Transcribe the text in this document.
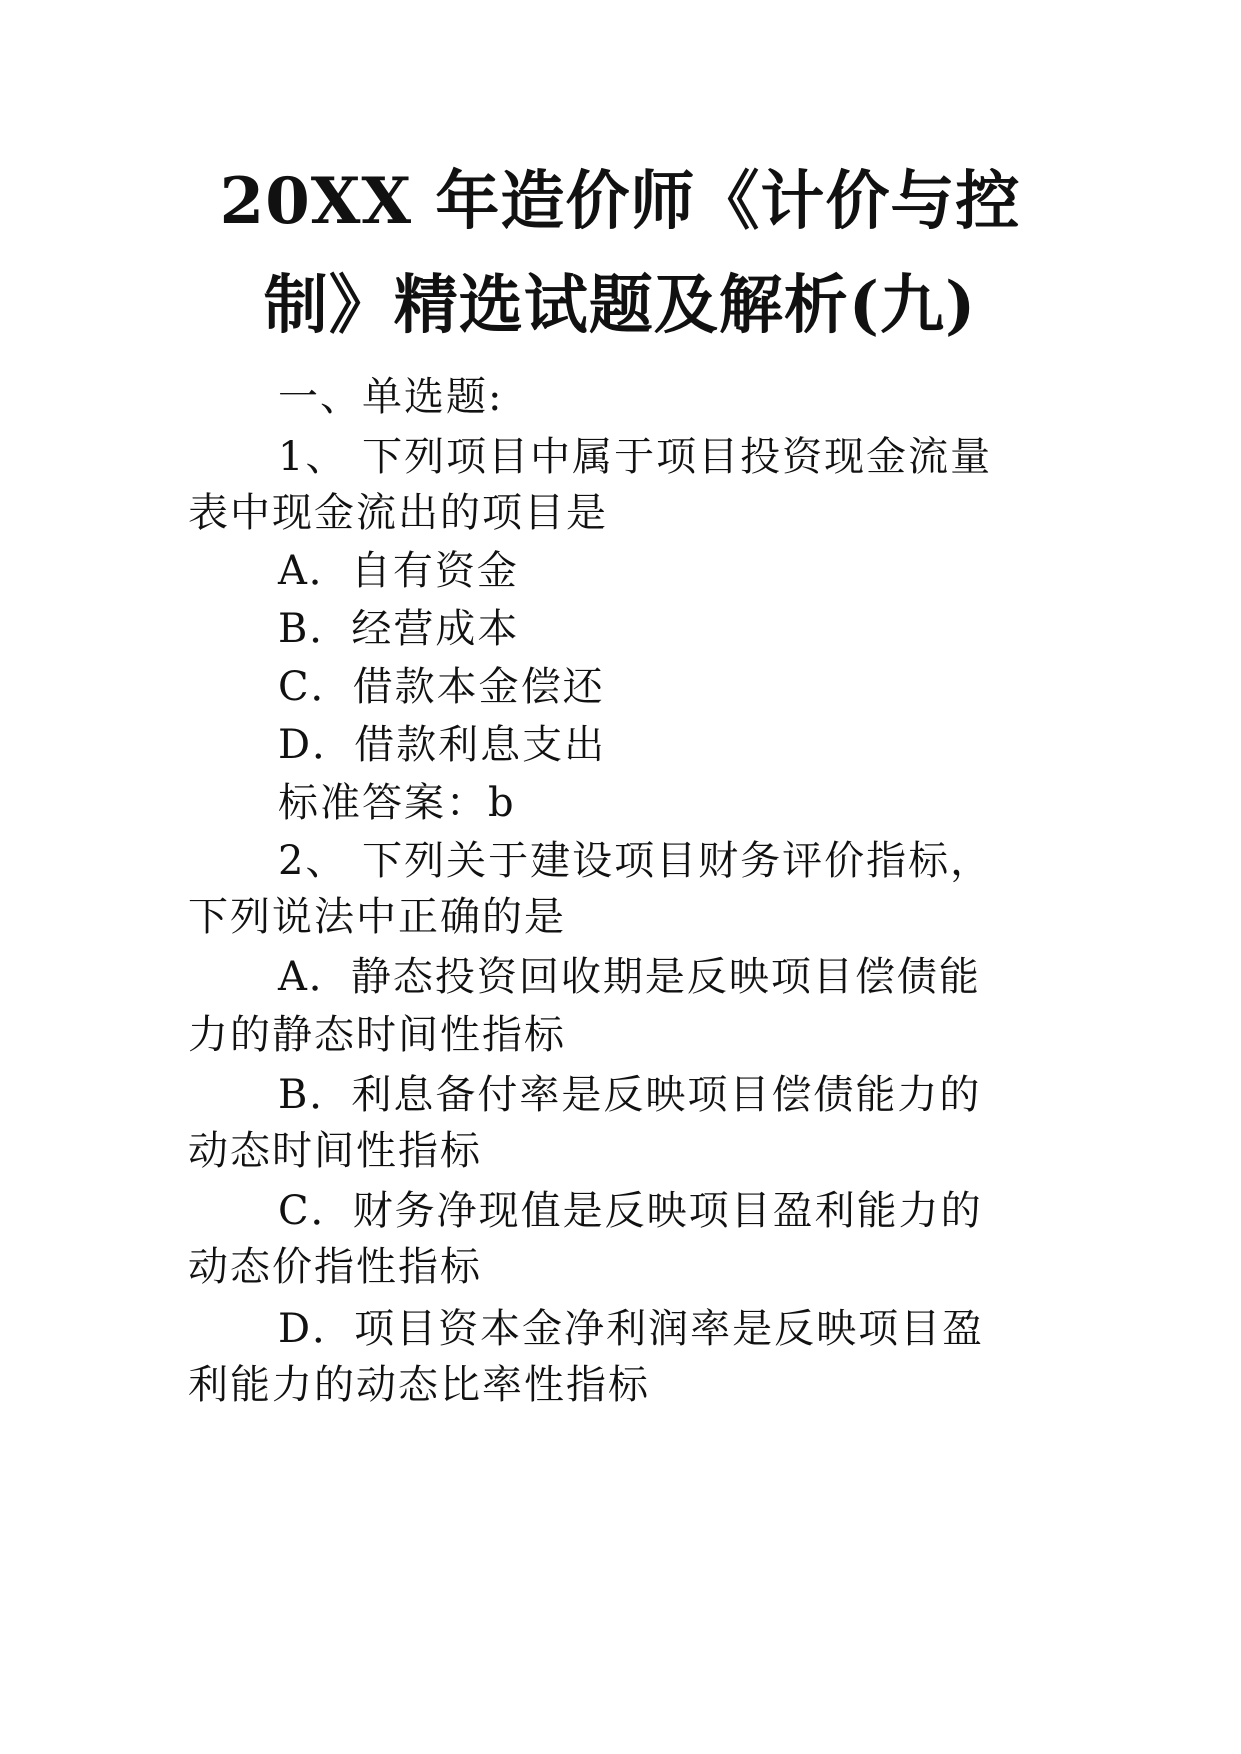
20XX 年造价师《计价与控
制》精选试题及解析(九)
一、单选题:
1、 下列项目中属于项目投资现金流量
表中现金流出的项目是
A．自有资金
B．经营成本
C．借款本金偿还
D．借款利息支出
标准答案：b
2、 下列关于建设项目财务评价指标，
下列说法中正确的是
A．静态投资回收期是反映项目偿债能
力的静态时间性指标
B．利息备付率是反映项目偿债能力的
动态时间性指标
C．财务净现值是反映项目盈利能力的
动态价指性指标
D．项目资本金净利润率是反映项目盈
利能力的动态比率性指标
